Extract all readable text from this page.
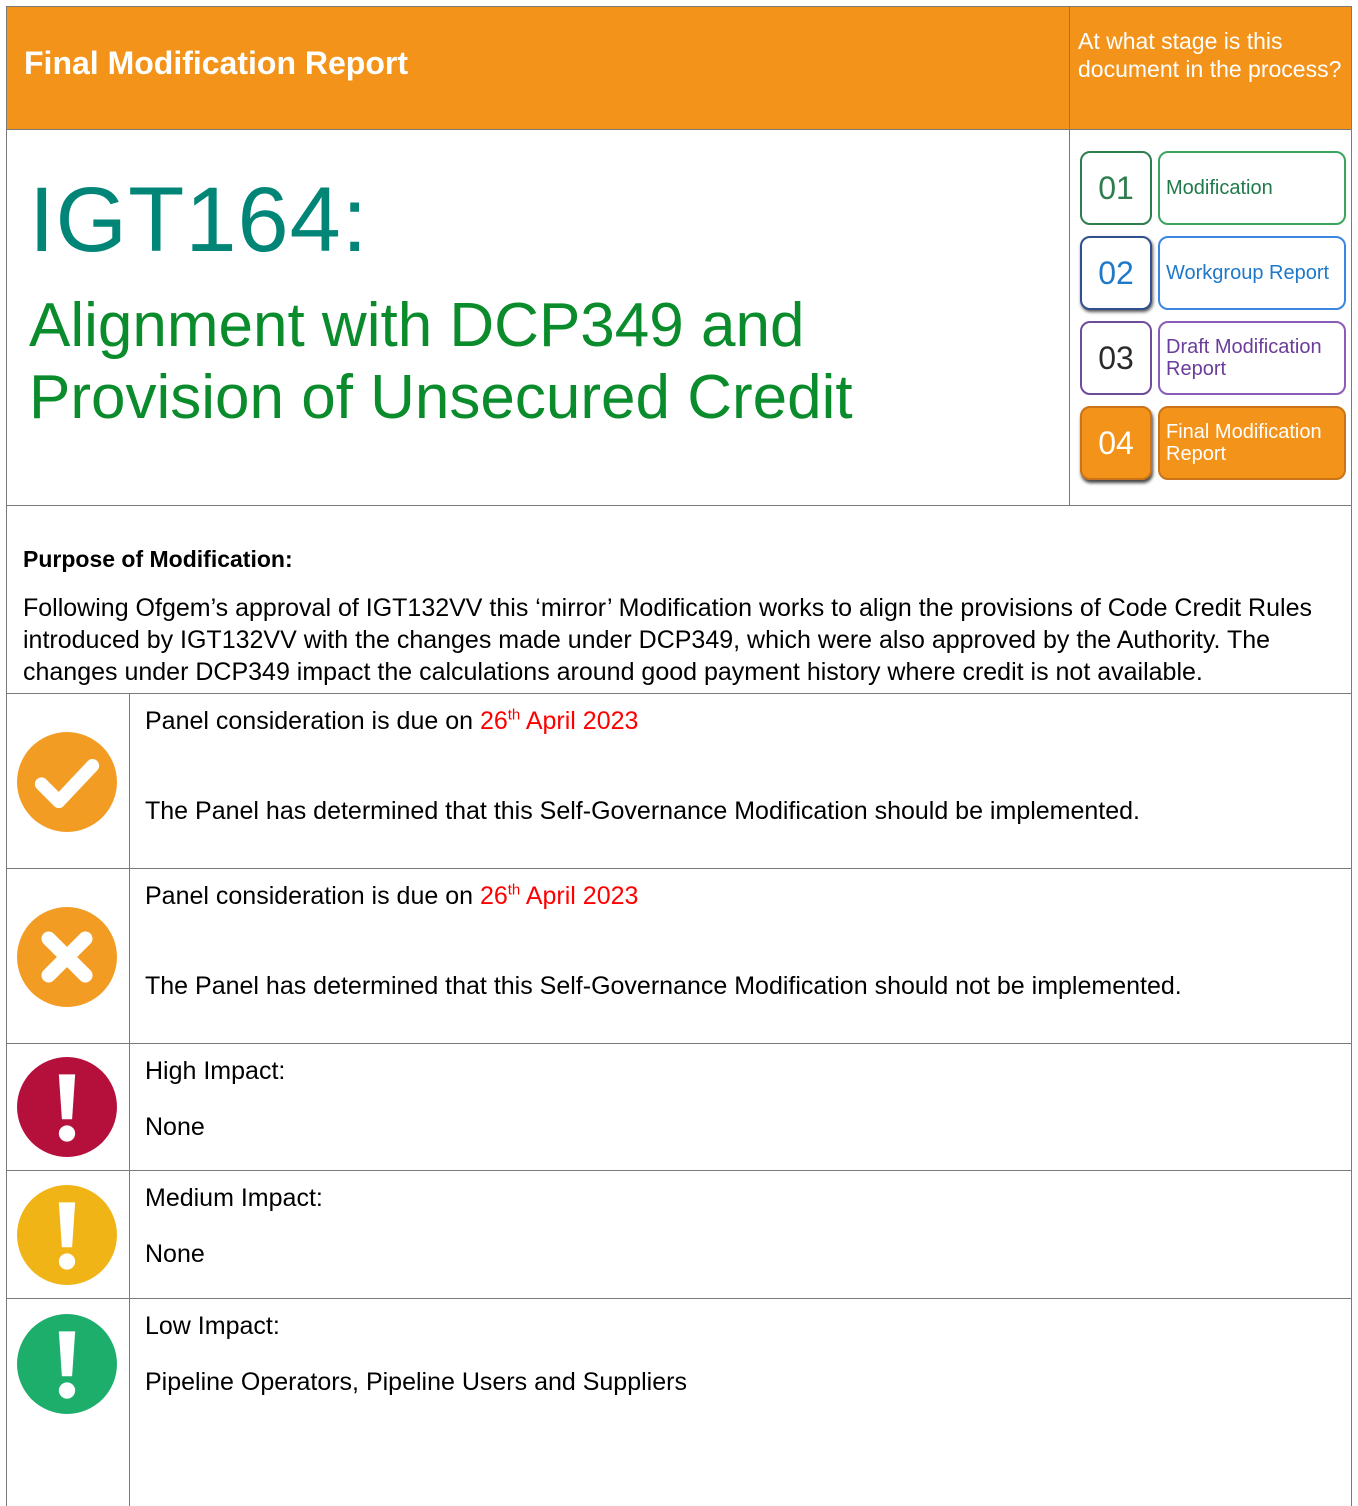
Final Modification Report
At what stage is this document in the process?
IGT164:
Alignment with DCP349 and
Provision of Unsecured Credit
01	Modification
02	Workgroup Report
03	Draft Modification Report
04	Final Modification Report
Purpose of Modification:
Following Ofgem’s approval of IGT132VV this ‘mirror’ Modification works to align the provisions of Code Credit Rules introduced by IGT132VV with the changes made under DCP349, which were also approved by the Authority. The changes under DCP349 impact the calculations around good payment history where credit is not available.
Panel consideration is due on 26th April 2023
The Panel has determined that this Self-Governance Modification should be implemented.
Panel consideration is due on 26th April 2023
The Panel has determined that this Self-Governance Modification should not be implemented.
High Impact:
None
Medium Impact:
None
Low Impact:
Pipeline Operators, Pipeline Users and Suppliers
